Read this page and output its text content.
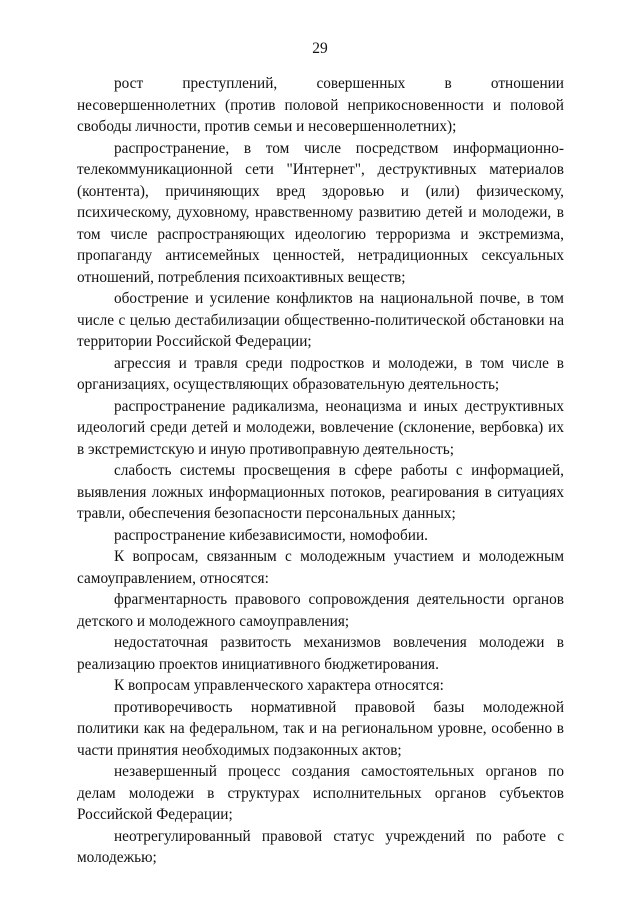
29

рост преступлений, совершенных в отношении несовершеннолетних (против половой неприкосновенности и половой свободы личности, против семьи и несовершеннолетних);

распространение, в том числе посредством информационно-телекоммуникационной сети "Интернет", деструктивных материалов (контента), причиняющих вред здоровью и (или) физическому, психическому, духовному, нравственному развитию детей и молодежи, в том числе распространяющих идеологию терроризма и экстремизма, пропаганду антисемейных ценностей, нетрадиционных сексуальных отношений, потребления психоактивных веществ;

обострение и усиление конфликтов на национальной почве, в том числе с целью дестабилизации общественно-политической обстановки на территории Российской Федерации;

агрессия и травля среди подростков и молодежи, в том числе в организациях, осуществляющих образовательную деятельность;

распространение радикализма, неонацизма и иных деструктивных идеологий среди детей и молодежи, вовлечение (склонение, вербовка) их в экстремистскую и иную противоправную деятельность;

слабость системы просвещения в сфере работы с информацией, выявления ложных информационных потоков, реагирования в ситуациях травли, обеспечения безопасности персональных данных;

распространение кибезависимости, номофобии.

К вопросам, связанным с молодежным участием и молодежным самоуправлением, относятся:

фрагментарность правового сопровождения деятельности органов детского и молодежного самоуправления;

недостаточная развитость механизмов вовлечения молодежи в реализацию проектов инициативного бюджетирования.

К вопросам управленческого характера относятся:

противоречивость нормативной правовой базы молодежной политики как на федеральном, так и на региональном уровне, особенно в части принятия необходимых подзаконных актов;

незавершенный процесс создания самостоятельных органов по делам молодежи в структурах исполнительных органов субъектов Российской Федерации;

неотрегулированный правовой статус учреждений по работе с молодежью;
